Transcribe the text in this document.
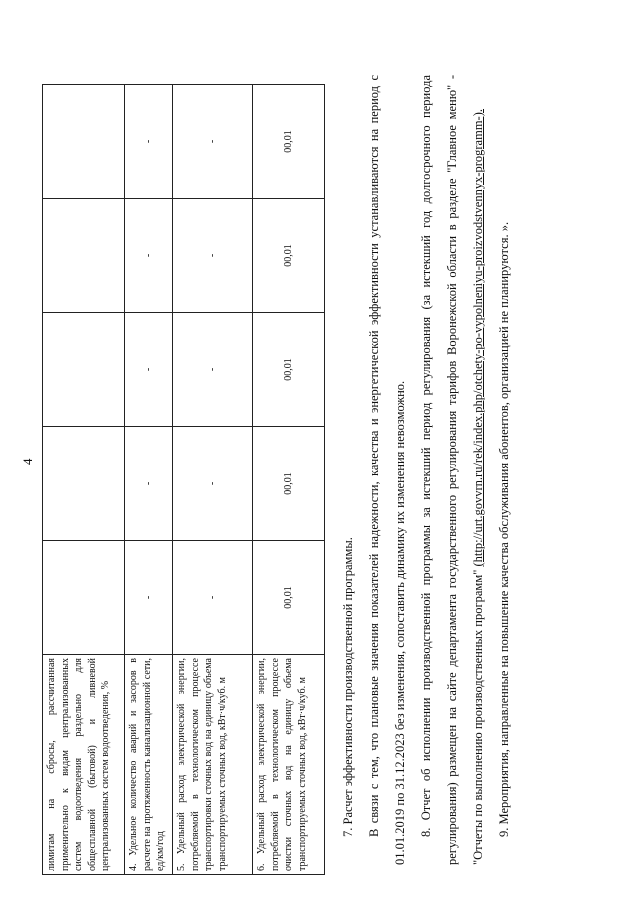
4
лимитам на сбросы, рассчитанная применительно к видам централизованных систем водоотведения раздельно для общесплавной (бытовой) и ливневой централизованных систем водоотведения, %					
4. Удельное количество аварий и засоров в расчете на протяженность канализационной сети, ед/км/год	-	-	-	-	-
5. Удельный расход электрической энергии, потребляемой в технологическом процессе транспортировки сточных вод на единицу объема транспортируемых сточных вод, кВт·ч/куб. м	-	-	-	-	-
6. Удельный расход электрической энергии, потребляемой в технологическом процессе очистки сточных вод на единицу объема транспортируемых сточных вод, кВт·ч/куб. м	00,01	00,01	00,01	00,01	00,01

7. Расчет эффективности производственной программы. В связи с тем, что плановые значения показателей надежности, качества и энергетической эффективности устанавливаются на период с 01.01.2019 по 31.12.2023 без изменения, сопоставить динамику их изменения невозможно. 8. Отчет об исполнении производственной программы за истекший период регулирования (за истекший год долгосрочного периода регулирования) размещен на сайте департамента государственного регулирования тарифов Воронежской области в разделе "Главное меню" - "Отчеты по выполнению производственных программ" (http://urt.govvrn.ru/rek/index.php/otchety-po-vypolneniyu-proizvodstvennyx-programm-). 9. Мероприятия, направленные на повышение качества обслуживания абонентов, организацией не планируются. ».
